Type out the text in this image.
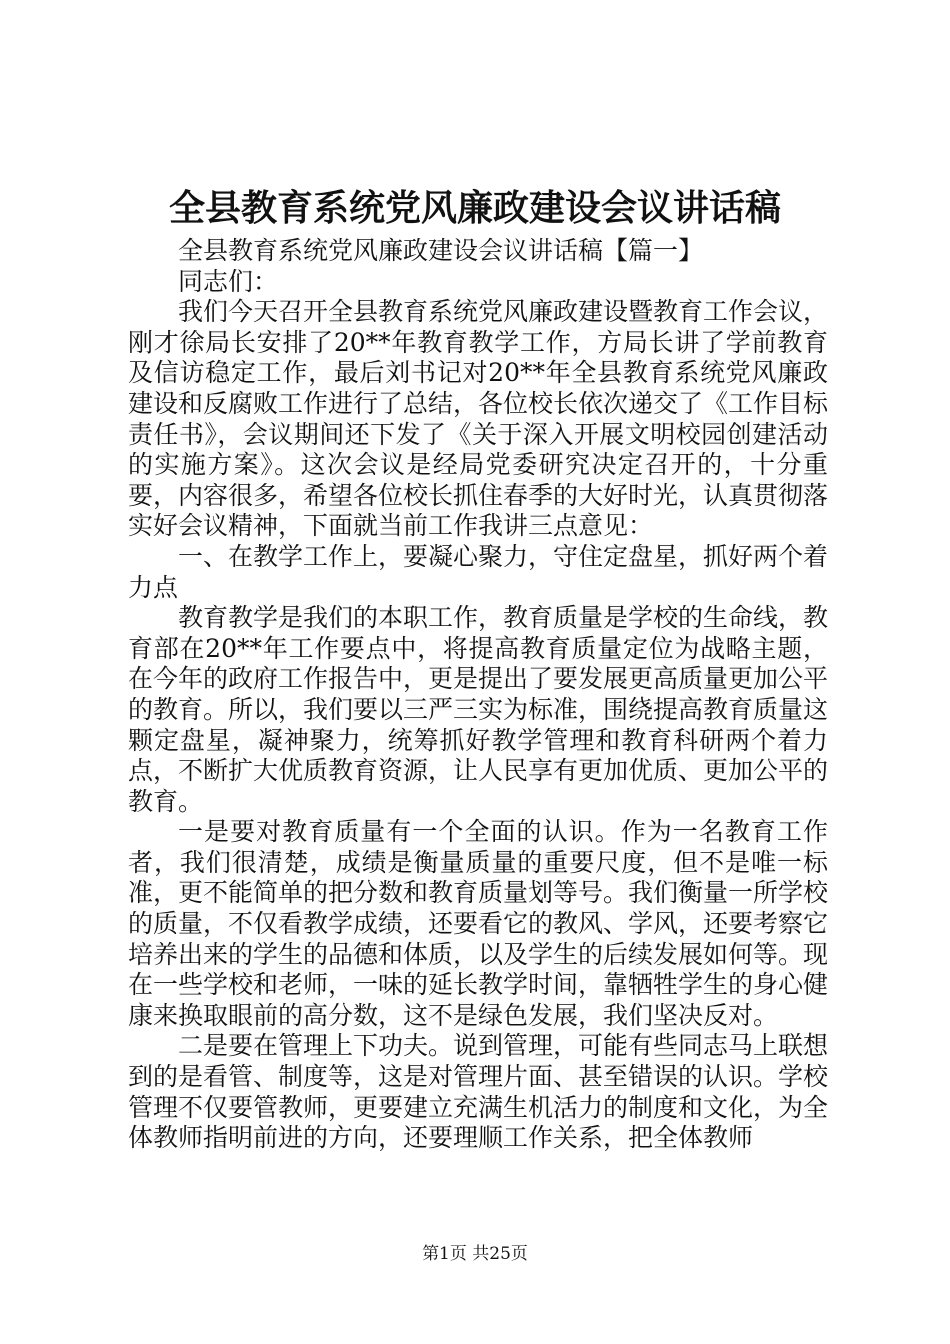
全县教育系统党风廉政建设会议讲话稿

全县教育系统党风廉政建设会议讲话稿【篇一】

同志们：

我们今天召开全县教育系统党风廉政建设暨教育工作会议，刚才徐局长安排了20**年教育教学工作，方局长讲了学前教育及信访稳定工作，最后刘书记对20**年全县教育系统党风廉政建设和反腐败工作进行了总结，各位校长依次递交了《工作目标责任书》，会议期间还下发了《关于深入开展文明校园创建活动的实施方案》。这次会议是经局党委研究决定召开的，十分重要，内容很多，希望各位校长抓住春季的大好时光，认真贯彻落实好会议精神，下面就当前工作我讲三点意见：

一、在教学工作上，要凝心聚力，守住定盘星，抓好两个着力点

教育教学是我们的本职工作，教育质量是学校的生命线，教育部在20**年工作要点中，将提高教育质量定位为战略主题，在今年的政府工作报告中，更是提出了要发展更高质量更加公平的教育。所以，我们要以三严三实为标准，围绕提高教育质量这颗定盘星，凝神聚力，统筹抓好教学管理和教育科研两个着力点，不断扩大优质教育资源，让人民享有更加优质、更加公平的教育。

一是要对教育质量有一个全面的认识。作为一名教育工作者，我们很清楚，成绩是衡量质量的重要尺度，但不是唯一标准，更不能简单的把分数和教育质量划等号。我们衡量一所学校的质量，不仅看教学成绩，还要看它的教风、学风，还要考察它培养出来的学生的品德和体质，以及学生的后续发展如何等。现在一些学校和老师，一味的延长教学时间，靠牺牲学生的身心健康来换取眼前的高分数，这不是绿色发展，我们坚决反对。

二是要在管理上下功夫。说到管理，可能有些同志马上联想到的是看管、制度等，这是对管理片面、甚至错误的认识。学校管理不仅要管教师，更要建立充满生机活力的制度和文化，为全体教师指明前进的方向，还要理顺工作关系，把全体教师

第1页 共25页
